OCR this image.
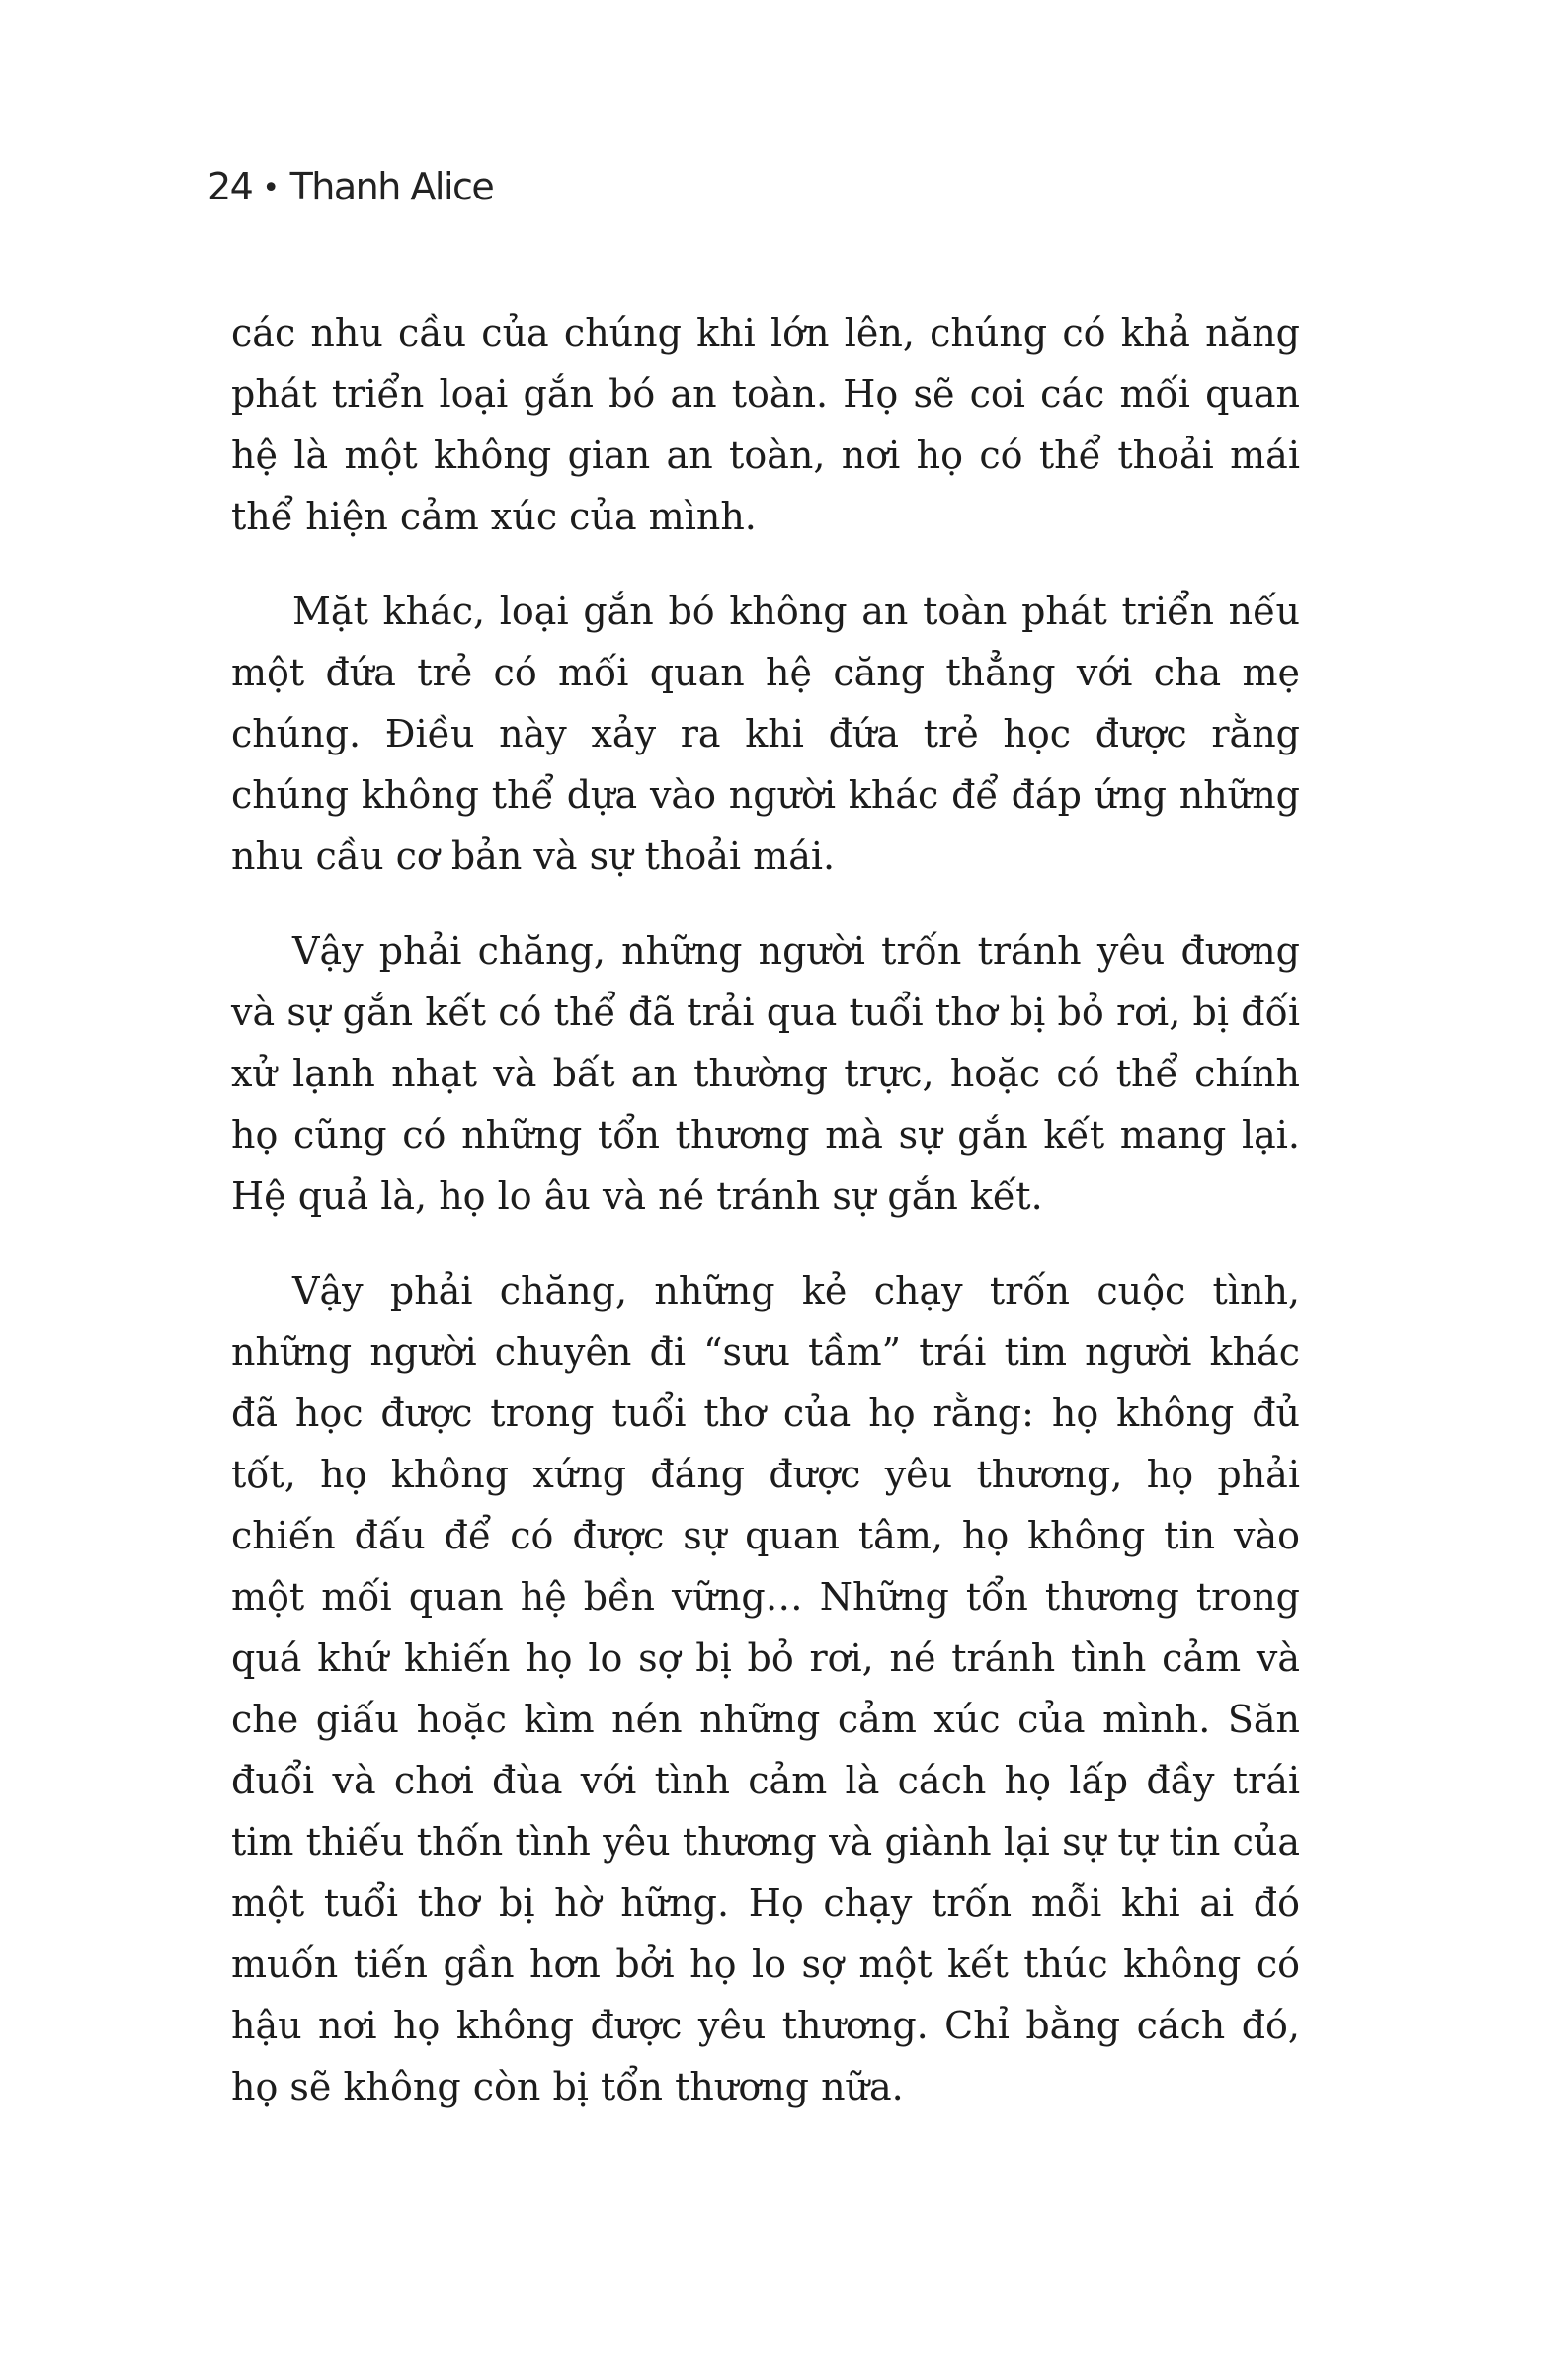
24 • Thanh Alice

các nhu cầu của chúng khi lớn lên, chúng có khả năng phát triển loại gắn bó an toàn. Họ sẽ coi các mối quan hệ là một không gian an toàn, nơi họ có thể thoải mái thể hiện cảm xúc của mình.

Mặt khác, loại gắn bó không an toàn phát triển nếu một đứa trẻ có mối quan hệ căng thẳng với cha mẹ chúng. Điều này xảy ra khi đứa trẻ học được rằng chúng không thể dựa vào người khác để đáp ứng những nhu cầu cơ bản và sự thoải mái.

Vậy phải chăng, những người trốn tránh yêu đương và sự gắn kết có thể đã trải qua tuổi thơ bị bỏ rơi, bị đối xử lạnh nhạt và bất an thường trực, hoặc có thể chính họ cũng có những tổn thương mà sự gắn kết mang lại. Hệ quả là, họ lo âu và né tránh sự gắn kết.

Vậy phải chăng, những kẻ chạy trốn cuộc tình, những người chuyên đi “sưu tầm” trái tim người khác đã học được trong tuổi thơ của họ rằng: họ không đủ tốt, họ không xứng đáng được yêu thương, họ phải chiến đấu để có được sự quan tâm, họ không tin vào một mối quan hệ bền vững… Những tổn thương trong quá khứ khiến họ lo sợ bị bỏ rơi, né tránh tình cảm và che giấu hoặc kìm nén những cảm xúc của mình. Săn đuổi và chơi đùa với tình cảm là cách họ lấp đầy trái tim thiếu thốn tình yêu thương và giành lại sự tự tin của một tuổi thơ bị hờ hững. Họ chạy trốn mỗi khi ai đó muốn tiến gần hơn bởi họ lo sợ một kết thúc không có hậu nơi họ không được yêu thương. Chỉ bằng cách đó, họ sẽ không còn bị tổn thương nữa.
